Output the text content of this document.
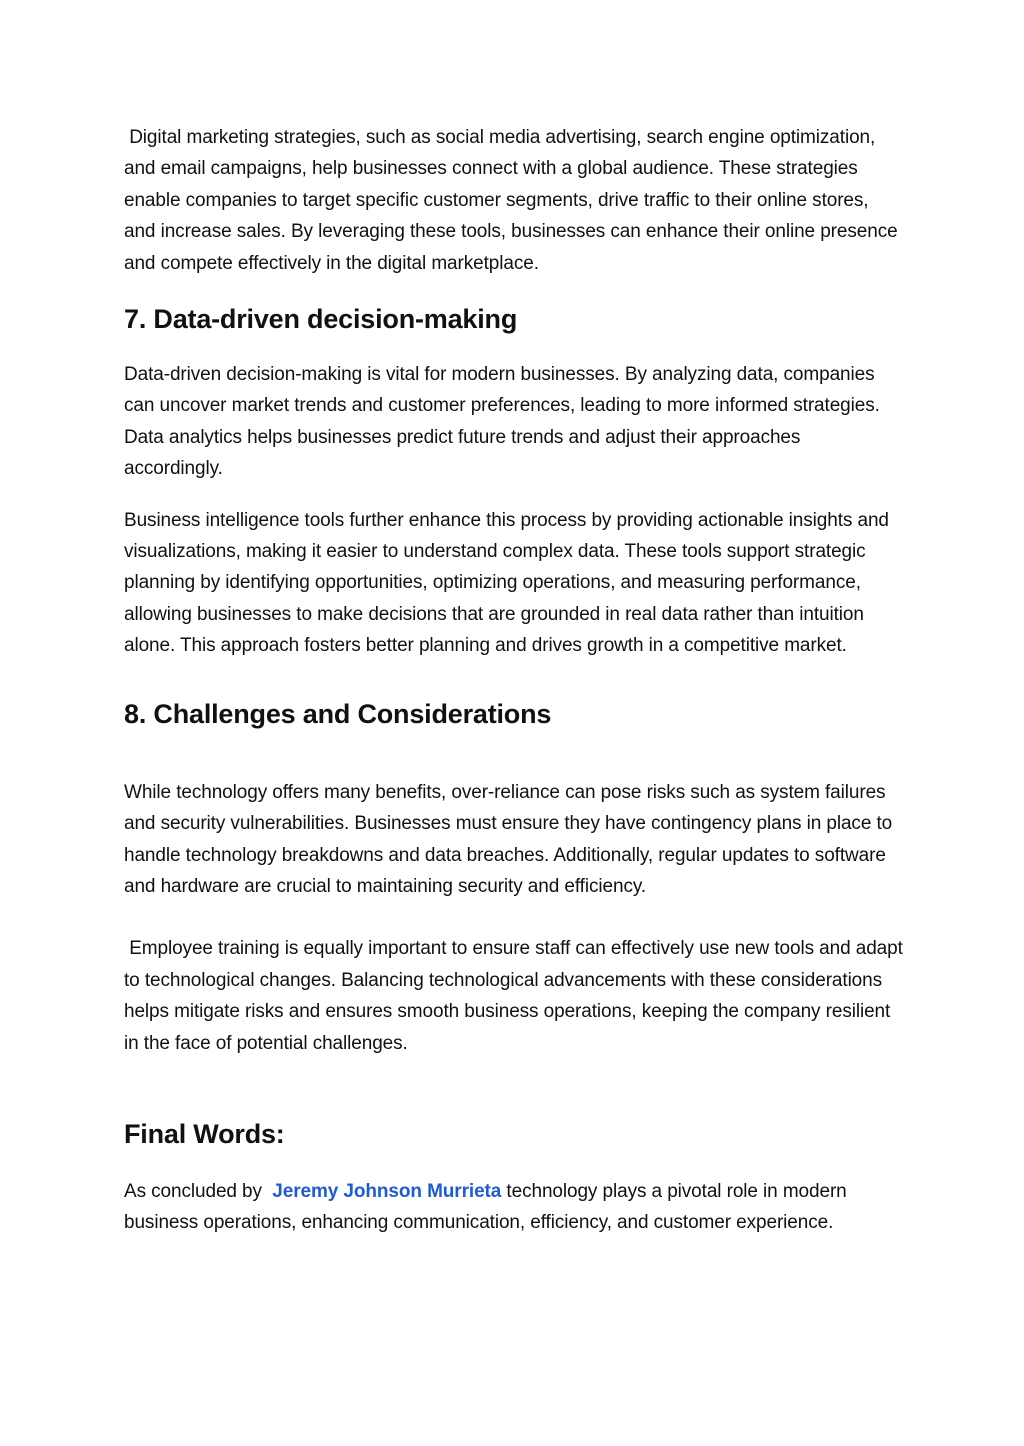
Digital marketing strategies, such as social media advertising, search engine optimization, and email campaigns, help businesses connect with a global audience. These strategies enable companies to target specific customer segments, drive traffic to their online stores, and increase sales. By leveraging these tools, businesses can enhance their online presence and compete effectively in the digital marketplace.

7. Data-driven decision-making

Data-driven decision-making is vital for modern businesses. By analyzing data, companies can uncover market trends and customer preferences, leading to more informed strategies. Data analytics helps businesses predict future trends and adjust their approaches accordingly.

Business intelligence tools further enhance this process by providing actionable insights and visualizations, making it easier to understand complex data. These tools support strategic planning by identifying opportunities, optimizing operations, and measuring performance, allowing businesses to make decisions that are grounded in real data rather than intuition alone. This approach fosters better planning and drives growth in a competitive market.

8. Challenges and Considerations

While technology offers many benefits, over-reliance can pose risks such as system failures and security vulnerabilities. Businesses must ensure they have contingency plans in place to handle technology breakdowns and data breaches. Additionally, regular updates to software and hardware are crucial to maintaining security and efficiency.

Employee training is equally important to ensure staff can effectively use new tools and adapt to technological changes. Balancing technological advancements with these considerations helps mitigate risks and ensures smooth business operations, keeping the company resilient in the face of potential challenges.

Final Words:

As concluded by  Jeremy Johnson Murrieta technology plays a pivotal role in modern business operations, enhancing communication, efficiency, and customer experience.
